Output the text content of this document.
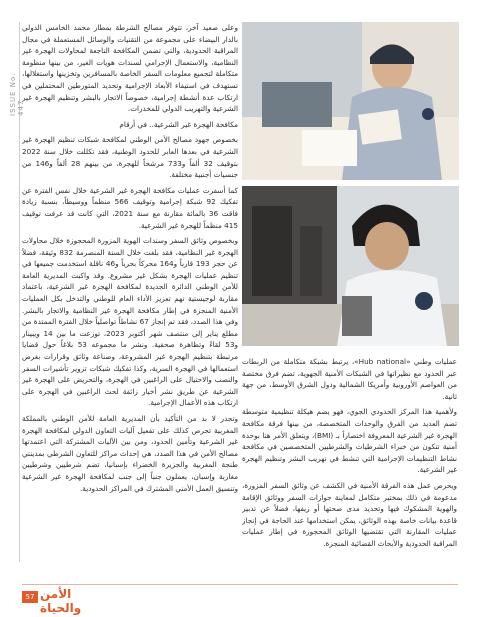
ISSUE No. 447

وعلى صعيد آخر، تتوفر مصالح الشرطة بمطار محمد الخامس الدولي بالدار البيضاء على مجموعة من التقنيات والوسائل المستعملة في مجال المراقبة الحدودية، والتي تضمن المكافحة الناجعة لمحاولات الهجرة غير النظامية، والاستعمال الإجرامي لسندات هويات الغير، من بينها منظومة متكاملة لتجميع معلومات السفر الخاصة بالمسافرين وتخزينها واستغلالها، تستهدف في استيفاء الأبعاد الإجرامية وتحديد المتورطين المحتملين في ارتكاب عدة أنشطة إجرامية، خصوصاً الاتجار بالبشر وتنظيم الهجرة غير الشرعية والتهريب الدولي للمخدرات.

مكافحة الهجرة غير الشرعية.. في أرقام

بخصوص جهود مصالح الأمن الوطني لمكافحة شبكات تنظيم الهجرة غير الشرعية في بعدها العابر للحدود الوطنية، فقد تكللت خلال سنة 2022 بتوقيف 32 ألفاً و733 مرشحاً للهجرة، من بينهم 28 ألفاً و146 من جنسيات أجنبية مختلفة.

كما أسفرت عمليات مكافحة الهجرة غير الشرعية خلال نفس الفترة عن تفكيك 92 شبكة إجرامية وتوقيف 566 منظماً ووسيطاً، بنسبة زيادة فاقت 36 بالمائة مقارنة مع سنة 2021، التي كانت قد عرفت توقيف 415 منظماً للهجرة غير الشرعية.

وبخصوص وثائق السفر وسندات الهوية المزورة المحجوزة خلال محاولات الهجرة غير النظامية، فقد بلغت خلال السنة المنصرمة 832 وثيقة، فضلاً عن حجز 193 قارباً و164 محركاً بحرياً و46 ناقلة استخدمت جميعها في تنظيم عمليات الهجرة بشكل غير مشروع. وقد واكبت المديرية العامة للأمن الوطني الدائرة الجديدة لمكافحة الهجرة غير الشرعية، باعتماد مقاربة لوجيستية تهم تعزيز الأداء العام للوطني والتدخل بكل العمليات الأمنية المنجزة في إطار مكافحة الهجرة غير النظامية والاتجار بالبشر. وفي هذا الصدد، فقد تم إنجاز 67 نشاطاً تواصلياً خلال الفترة الممتدة من مطلع يناير إلى منتصف شهر أكتوبر 2023، توزعت ما بين 14 ويبينار و53 لقاءً وتظاهرة صحفية. ونشر ما مجموعه 53 بلاغاً حول قضايا مرتبطة بتنظيم الهجرة غير المشروعة، وصناعة وثائق وقرارات بغرض استعمالها في الهجرة السرية، وكذا تفكيك شبكات تزوير تأشيرات السفر والنصب والاحتيال على الراغبين في الهجرة، والتحريض على الهجرة غير الشرعية عن طريق نشر أخبار زائفة لحث الراغبين في الهجرة على ارتكاب هذه الأعمال الإجرامية.

وتجدر لا بد من التأكيد بأن المديرية العامة للأمن الوطني بالمملكة المغربية تحرص كذلك على تفعيل آليات التعاون الدولي لمكافحة الهجرة غير الشرعية وتأمين الحدود، ومن بين الآليات المشتركة التي اعتمدتها مصالح الأمن في هذا الصدد، هي إحداث مراكز للتعاون الشرطي بمدينتي طنجة المغربية والجزيرة الخضراء بإسبانيا، تضم شرطيين وشرطيين مغاربة وإسبان، يعملون جنباً إلى جنب لمكافحة الهجرة غير الشرعية وتنسيق العمل الأمني المشترك في المراكز الحدودية.

عمليات وطني «Hub national»، يرتبط بشبكة متكاملة من الربطات عبر الحدود مع نظيراتها في الشبكات الأمنية الجهوية، تضم فرق مختصة من العواصم الأوروبية وأمريكا الشمالية ودول الشرق الأوسط، من جهة ثانية.

ولأهمية هذا المركز الحدودي الجوي، فهو يضم هيكلة تنظيمية متوسطة تضم العديد من الفرق والوحدات المتخصصة، من بينها فرقة مكافحة الهجرة غير الشرعية المعروفة اختصاراً بـ (BMI)، ويتعلق الأمر هنا بوحدة أمنية تتكون من خبراء الشرطيات والشرطيين المتخصصين في مكافحة نشاط التنظيمات الإجرامية التي تنشط في تهريب البشر وتنظيم الهجرة غير الشرعية.

ويحرص عمل هذه الفرقة الأمنية في الكشف عن وثائق السفر المزورة، مدعومة في ذلك بمختبر متكامل لمعاينة جوازات السفر ووثائق الإقامة والهوية المشكوك فيها وتحديد مدى صحتها أو زيفها، فضلاً عن تدبير قاعدة بيانات خاصة بهذه الوثائق، يمكن استخدامها عند الحاجة في إنجاز عمليات المقارنة التي تقتضيها الوثائق المحجوزة في إطار عمليات المراقبة الحدودية والأبحاث القضائية المنجزة.

57 الأمن والحياة
